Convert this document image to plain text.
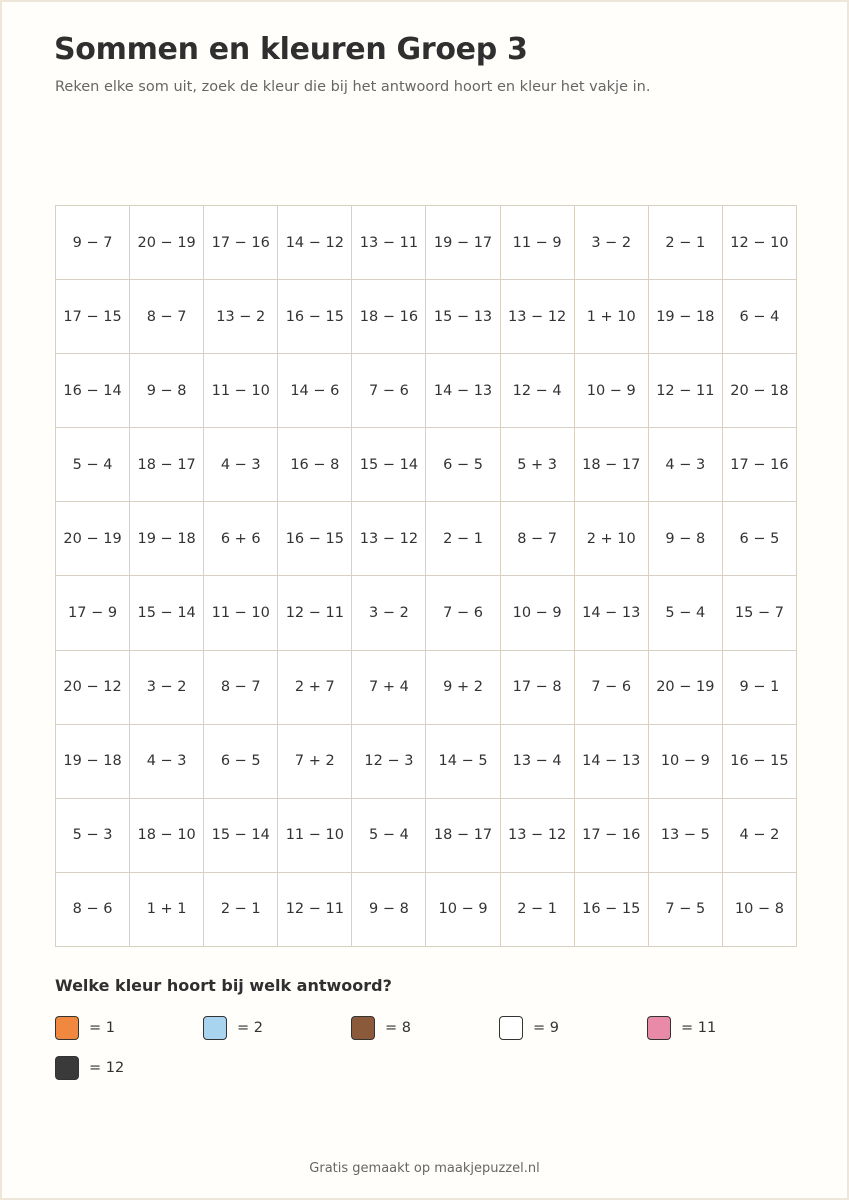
Sommen en kleuren Groep 3

Reken elke som uit, zoek de kleur die bij het antwoord hoort en kleur het vakje in.

9 − 7	20 − 19	17 − 16	14 − 12	13 − 11	19 − 17	11 − 9	3 − 2	2 − 1	12 − 10
17 − 15	8 − 7	13 − 2	16 − 15	18 − 16	15 − 13	13 − 12	1 + 10	19 − 18	6 − 4
16 − 14	9 − 8	11 − 10	14 − 6	7 − 6	14 − 13	12 − 4	10 − 9	12 − 11	20 − 18
5 − 4	18 − 17	4 − 3	16 − 8	15 − 14	6 − 5	5 + 3	18 − 17	4 − 3	17 − 16
20 − 19	19 − 18	6 + 6	16 − 15	13 − 12	2 − 1	8 − 7	2 + 10	9 − 8	6 − 5
17 − 9	15 − 14	11 − 10	12 − 11	3 − 2	7 − 6	10 − 9	14 − 13	5 − 4	15 − 7
20 − 12	3 − 2	8 − 7	2 + 7	7 + 4	9 + 2	17 − 8	7 − 6	20 − 19	9 − 1
19 − 18	4 − 3	6 − 5	7 + 2	12 − 3	14 − 5	13 − 4	14 − 13	10 − 9	16 − 15
5 − 3	18 − 10	15 − 14	11 − 10	5 − 4	18 − 17	13 − 12	17 − 16	13 − 5	4 − 2
8 − 6	1 + 1	2 − 1	12 − 11	9 − 8	10 − 9	2 − 1	16 − 15	7 − 5	10 − 8
Welke kleur hoort bij welk antwoord?
= 1	= 2	= 8	= 9	= 11
= 12
Gratis gemaakt op maakjepuzzel.nl
